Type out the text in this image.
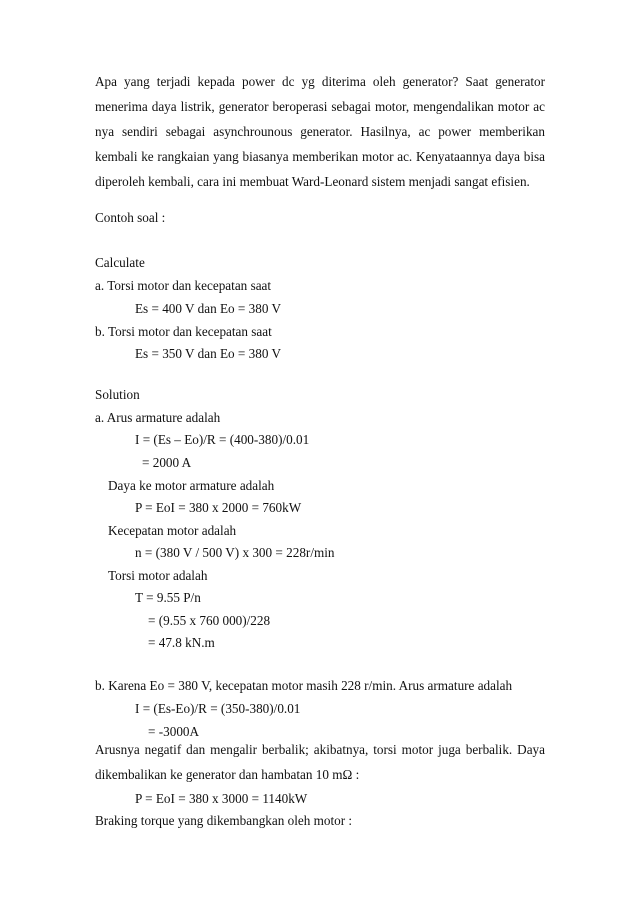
Apa yang terjadi kepada power dc yg diterima oleh generator? Saat generator menerima daya listrik, generator beroperasi sebagai motor, mengendalikan motor ac nya sendiri sebagai asynchrounous generator. Hasilnya, ac power memberikan kembali ke rangkaian yang biasanya memberikan motor ac. Kenyataannya daya bisa diperoleh kembali, cara ini membuat Ward-Leonard sistem menjadi sangat efisien.

Contoh soal :
Calculate
a. Torsi motor dan kecepatan saat
Es = 400 V dan Eo = 380 V
b. Torsi motor dan kecepatan saat
Es = 350 V dan Eo = 380 V
Solution
a. Arus armature adalah
I = (Es – Eo)/R = (400-380)/0.01
= 2000 A
Daya ke motor armature adalah
P = EoI = 380 x 2000 = 760kW
Kecepatan motor adalah
n = (380 V / 500 V) x 300 = 228r/min
Torsi motor adalah
T = 9.55 P/n
= (9.55 x 760 000)/228
= 47.8 kN.m
b. Karena Eo = 380 V, kecepatan motor masih 228 r/min. Arus armature adalah
I = (Es-Eo)/R = (350-380)/0.01
= -3000A

Arusnya negatif dan mengalir berbalik; akibatnya, torsi motor juga berbalik. Daya dikembalikan ke generator dan hambatan 10 mΩ :

P = EoI = 380 x 3000 = 1140kW
Braking torque yang dikembangkan oleh motor :
